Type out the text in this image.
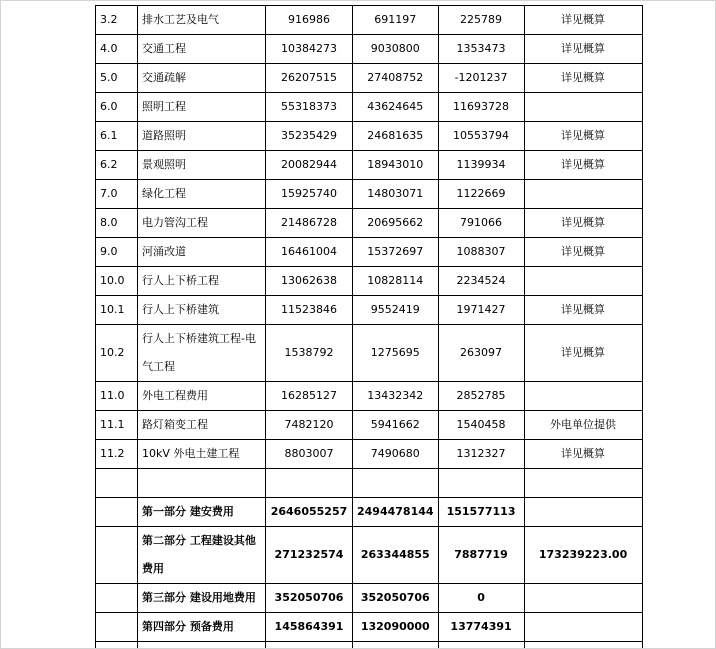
3.2	排水工艺及电气	916986	691197	225789	详见概算
4.0	交通工程	10384273	9030800	1353473	详见概算
5.0	交通疏解	26207515	27408752	-1201237	详见概算
6.0	照明工程	55318373	43624645	11693728	
6.1	道路照明	35235429	24681635	10553794	详见概算
6.2	景观照明	20082944	18943010	1139934	详见概算
7.0	绿化工程	15925740	14803071	1122669	
8.0	电力管沟工程	21486728	20695662	791066	详见概算
9.0	河涌改道	16461004	15372697	1088307	详见概算
10.0	行人上下桥工程	13062638	10828114	2234524	
10.1	行人上下桥建筑	11523846	9552419	1971427	详见概算
10.2	行人上下桥建筑工程-电气工程	1538792	1275695	263097	详见概算
11.0	外电工程费用	16285127	13432342	2852785	
11.1	路灯箱变工程	7482120	5941662	1540458	外电单位提供
11.2	10kV 外电土建工程	8803007	7490680	1312327	详见概算

	第一部分 建安费用	2646055257	2494478144	151577113	
	第二部分 工程建设其他费用	271232574	263344855	7887719	173239223.00
	第三部分 建设用地费用	352050706	352050706	0	
	第四部分 预备费用	145864391	132090000	13774391	
